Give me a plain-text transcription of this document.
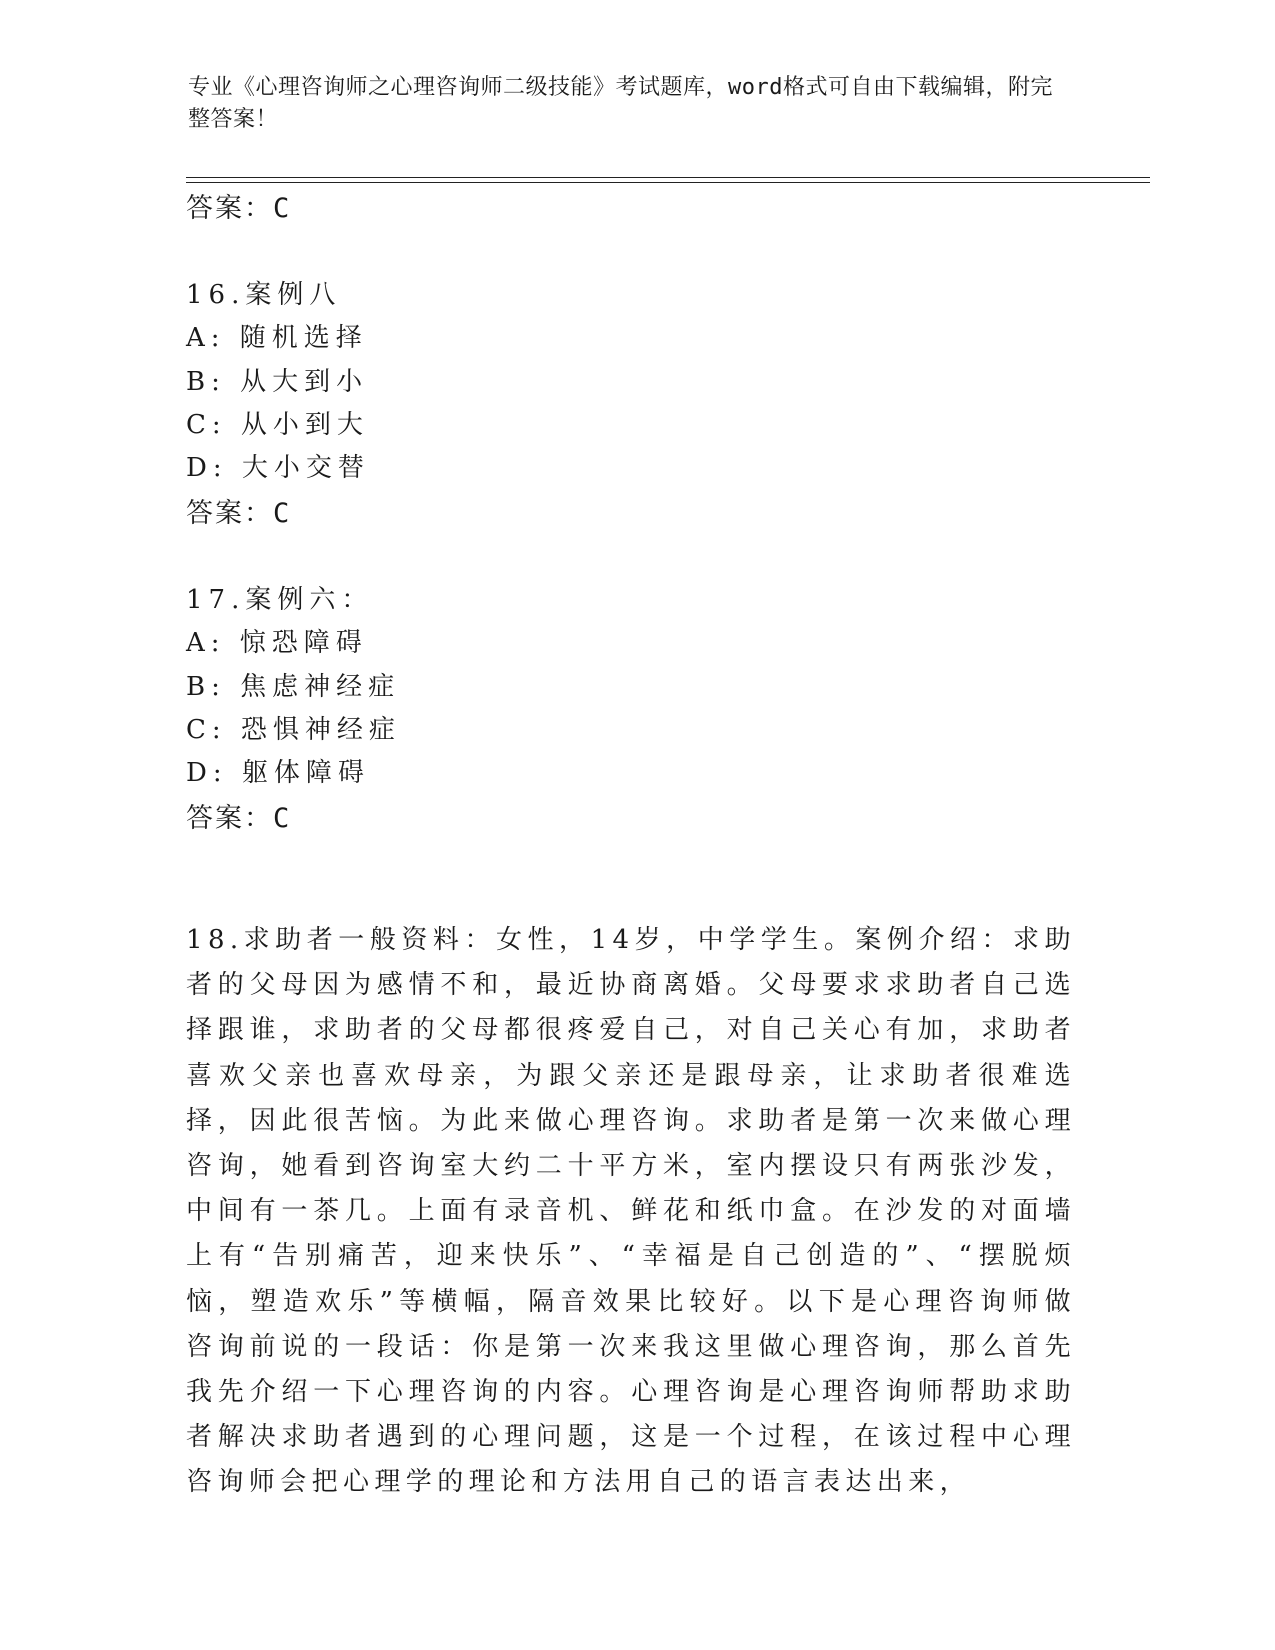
专业《心理咨询师之心理咨询师二级技能》考试题库，word格式可自由下载编辑，附完整答案！
答案：C
16.案例八
A: 随机选择
B: 从大到小
C: 从小到大
D: 大小交替
答案：C
17.案例六：
A: 惊恐障碍
B: 焦虑神经症
C: 恐惧神经症
D: 躯体障碍
答案：C
18.求助者一般资料：女性，14岁，中学学生。案例介绍：求助者的父母因为感情不和，最近协商离婚。父母要求求助者自己选择跟谁，求助者的父母都很疼爱自己，对自己关心有加，求助者喜欢父亲也喜欢母亲，为跟父亲还是跟母亲，让求助者很难选择，因此很苦恼。为此来做心理咨询。求助者是第一次来做心理咨询，她看到咨询室大约二十平方米，室内摆设只有两张沙发，中间有一茶几。上面有录音机、鲜花和纸巾盒。在沙发的对面墙上有“告别痛苦，迎来快乐”、“幸福是自己创造的”、“摆脱烦恼，塑造欢乐”等横幅，隔音效果比较好。以下是心理咨询师做咨询前说的一段话：你是第一次来我这里做心理咨询，那么首先我先介绍一下心理咨询的内容。心理咨询是心理咨询师帮助求助者解决求助者遇到的心理问题，这是一个过程，在该过程中心理咨询师会把心理学的理论和方法用自己的语言表达出来，
